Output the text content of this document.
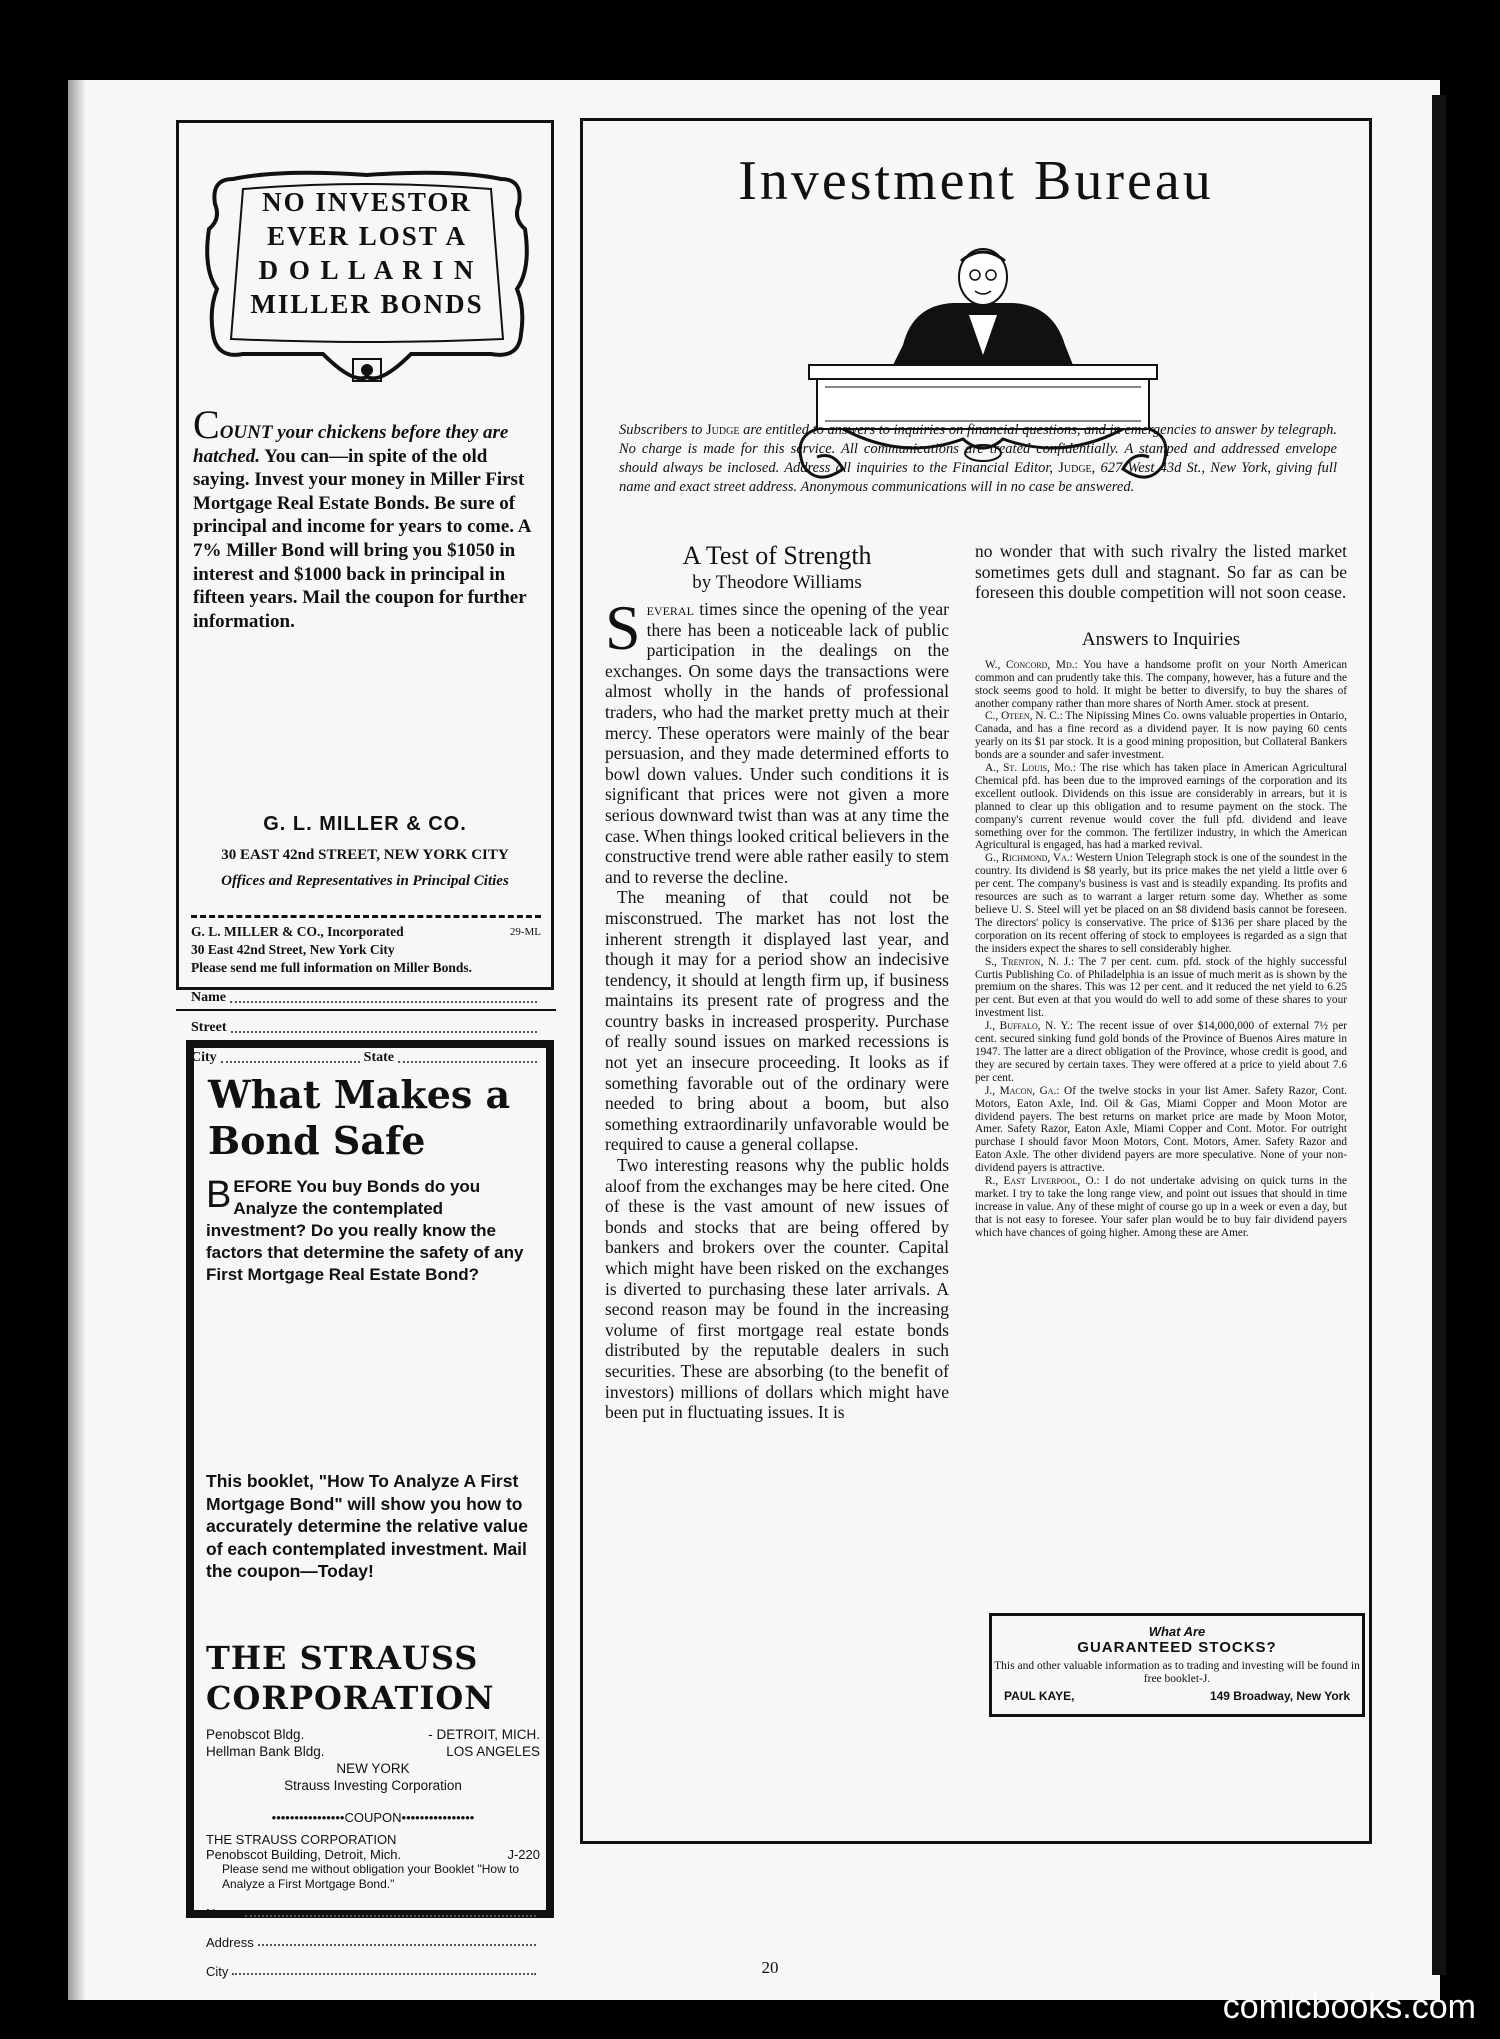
NO INVESTOR
EVER LOST A
D O L L A R I N
MILLER BONDS
COUNT your chickens before they are hatched. You can—in spite of the old saying. Invest your money in Miller First Mortgage Real Estate Bonds. Be sure of principal and income for years to come. A 7% Miller Bond will bring you $1050 in interest and $1000 back in principal in fifteen years. Mail the coupon for further information.
G. L. MILLER & CO.
30 EAST 42nd STREET, NEW YORK CITY
Offices and Representatives in Principal Cities
G. L. MILLER & CO., Incorporated	29-ML
30 East 42nd Street, New York City
Please send me full information on Miller Bonds.
Name
Street
City	State
What Makes a Bond Safe
BEFORE You buy Bonds do you Analyze the contemplated investment? Do you really know the factors that determine the safety of any First Mortgage Real Estate Bond?
This booklet, "How To Analyze A First Mortgage Bond" will show you how to accurately determine the relative value of each contemplated investment. Mail the coupon—Today!
THE STRAUSS
CORPORATION
Penobscot Bldg.	- DETROIT, MICH.
Hellman Bank Bldg.	LOS ANGELES
NEW YORK
Strauss Investing Corporation
••••••••••••••••COUPON••••••••••••••••
THE STRAUSS CORPORATION
Penobscot Building, Detroit, Mich.	J-220
Please send me without obligation your Booklet "How to Analyze a First Mortgage Bond."
Name
Address
City
Investment Bureau
Subscribers to Judge are entitled to answers to inquiries on financial questions, and in emergencies to answer by telegraph. No charge is made for this service. All communications are treated confidentially. A stamped and addressed envelope should always be inclosed. Address all inquiries to the Financial Editor, Judge, 627 West 43d St., New York, giving full name and exact street address. Anonymous communications will in no case be answered.
A Test of Strength
by Theodore Williams

Several times since the opening of the year there has been a noticeable lack of public participation in the dealings on the exchanges. On some days the transactions were almost wholly in the hands of professional traders, who had the market pretty much at their mercy. These operators were mainly of the bear persuasion, and they made determined efforts to bowl down values. Under such conditions it is significant that prices were not given a more serious downward twist than was at any time the case. When things looked critical believers in the constructive trend were able rather easily to stem and to reverse the decline.

The meaning of that could not be misconstrued. The market has not lost the inherent strength it displayed last year, and though it may for a period show an indecisive tendency, it should at length firm up, if business maintains its present rate of progress and the country basks in increased prosperity. Purchase of really sound issues on marked recessions is not yet an insecure proceeding. It looks as if something favorable out of the ordinary were needed to bring about a boom, but also something extraordinarily unfavorable would be required to cause a general collapse.

Two interesting reasons why the public holds aloof from the exchanges may be here cited. One of these is the vast amount of new issues of bonds and stocks that are being offered by bankers and brokers over the counter. Capital which might have been risked on the exchanges is diverted to purchasing these later arrivals. A second reason may be found in the increasing volume of first mortgage real estate bonds distributed by the reputable dealers in such securities. These are absorbing (to the benefit of investors) millions of dollars which might have been put in fluctuating issues. It is

no wonder that with such rivalry the listed market sometimes gets dull and stagnant. So far as can be foreseen this double competition will not soon cease.

Answers to Inquiries

W., Concord, Md.: You have a handsome profit on your North American common and can prudently take this. The company, however, has a future and the stock seems good to hold. It might be better to diversify, to buy the shares of another company rather than more shares of North Amer. stock at present.

C., Oteen, N. C.: The Nipissing Mines Co. owns valuable properties in Ontario, Canada, and has a fine record as a dividend payer. It is now paying 60 cents yearly on its $1 par stock. It is a good mining proposition, but Collateral Bankers bonds are a sounder and safer investment.

A., St. Louis, Mo.: The rise which has taken place in American Agricultural Chemical pfd. has been due to the improved earnings of the corporation and its excellent outlook. Dividends on this issue are considerably in arrears, but it is planned to clear up this obligation and to resume payment on the stock. The company's current revenue would cover the full pfd. dividend and leave something over for the common. The fertilizer industry, in which the American Agricultural is engaged, has had a marked revival.

G., Richmond, Va.: Western Union Telegraph stock is one of the soundest in the country. Its dividend is $8 yearly, but its price makes the net yield a little over 6 per cent. The company's business is vast and is steadily expanding. Its profits and resources are such as to warrant a larger return some day. Whether as some believe U. S. Steel will yet be placed on an $8 dividend basis cannot be foreseen. The directors' policy is conservative. The price of $136 per share placed by the corporation on its recent offering of stock to employees is regarded as a sign that the insiders expect the shares to sell considerably higher.

S., Trenton, N. J.: The 7 per cent. cum. pfd. stock of the highly successful Curtis Publishing Co. of Philadelphia is an issue of much merit as is shown by the premium on the shares. This was 12 per cent. and it reduced the net yield to 6.25 per cent. But even at that you would do well to add some of these shares to your investment list.

J., Buffalo, N. Y.: The recent issue of over $14,000,000 of external 7½ per cent. secured sinking fund gold bonds of the Province of Buenos Aires mature in 1947. The latter are a direct obligation of the Province, whose credit is good, and they are secured by certain taxes. They were offered at a price to yield about 7.6 per cent.

J., Macon, Ga.: Of the twelve stocks in your list Amer. Safety Razor, Cont. Motors, Eaton Axle, Ind. Oil & Gas, Miami Copper and Moon Motor are dividend payers. The best returns on market price are made by Moon Motor, Amer. Safety Razor, Eaton Axle, Miami Copper and Cont. Motor. For outright purchase I should favor Moon Motors, Cont. Motors, Amer. Safety Razor and Eaton Axle. The other dividend payers are more speculative. None of your non-dividend payers is attractive.

R., East Liverpool, O.: I do not undertake advising on quick turns in the market. I try to take the long range view, and point out issues that should in time increase in value. Any of these might of course go up in a week or even a day, but that is not easy to foresee. Your safer plan would be to buy fair dividend payers which have chances of going higher. Among these are Amer.

What Are
GUARANTEED STOCKS?
This and other valuable information as to trading and investing will be found in free booklet-J.
PAUL KAYE,	149 Broadway, New York
20
comicbooks.com
